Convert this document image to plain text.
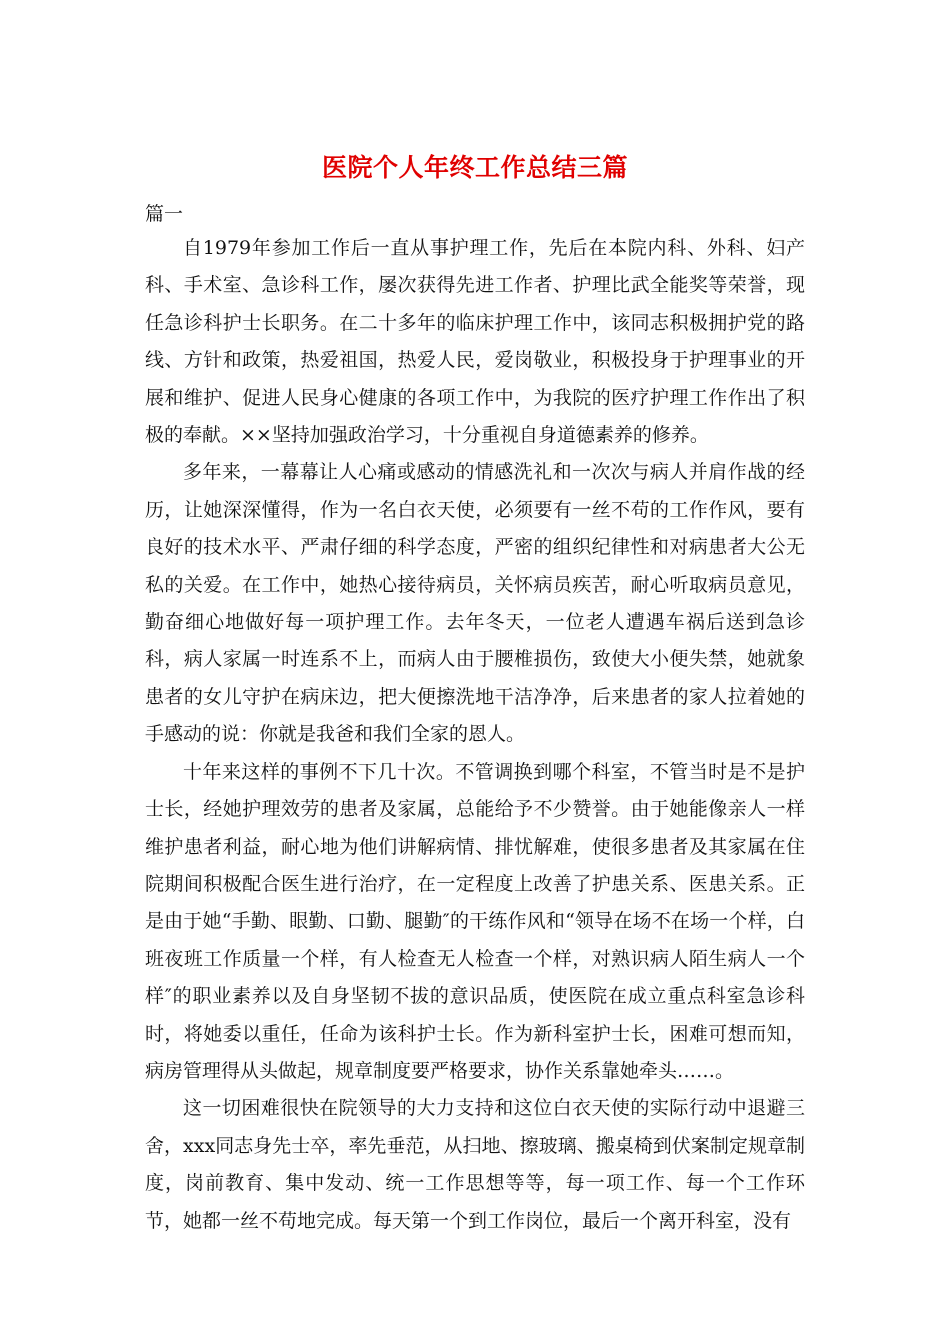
医院个人年终工作总结三篇
篇一

自1979年参加工作后一直从事护理工作，先后在本院内科、外科、妇产科、手术室、急诊科工作，屡次获得先进工作者、护理比武全能奖等荣誉，现任急诊科护士长职务。在二十多年的临床护理工作中，该同志积极拥护党的路线、方针和政策，热爱祖国，热爱人民，爱岗敬业，积极投身于护理事业的开展和维护、促进人民身心健康的各项工作中，为我院的医疗护理工作作出了积极的奉献。××坚持加强政治学习，十分重视自身道德素养的修养。

多年来，一幕幕让人心痛或感动的情感洗礼和一次次与病人并肩作战的经历，让她深深懂得，作为一名白衣天使，必须要有一丝不苟的工作作风，要有良好的技术水平、严肃仔细的科学态度，严密的组织纪律性和对病患者大公无私的关爱。在工作中，她热心接待病员，关怀病员疾苦，耐心听取病员意见，勤奋细心地做好每一项护理工作。去年冬天，一位老人遭遇车祸后送到急诊科，病人家属一时连系不上，而病人由于腰椎损伤，致使大小便失禁，她就象患者的女儿守护在病床边，把大便擦洗地干洁净净，后来患者的家人拉着她的手感动的说：你就是我爸和我们全家的恩人。

十年来这样的事例不下几十次。不管调换到哪个科室，不管当时是不是护士长，经她护理效劳的患者及家属，总能给予不少赞誉。由于她能像亲人一样维护患者利益，耐心地为他们讲解病情、排忧解难，使很多患者及其家属在住院期间积极配合医生进行治疗，在一定程度上改善了护患关系、医患关系。正是由于她“手勤、眼勤、口勤、腿勤″的干练作风和“领导在场不在场一个样，白班夜班工作质量一个样，有人检查无人检查一个样，对熟识病人陌生病人一个样″的职业素养以及自身坚韧不拔的意识品质，使医院在成立重点科室急诊科时，将她委以重任，任命为该科护士长。作为新科室护士长，困难可想而知，病房管理得从头做起，规章制度要严格要求，协作关系靠她牵头……。

这一切困难很快在院领导的大力支持和这位白衣天使的实际行动中退避三舍，xxx同志身先士卒，率先垂范，从扫地、擦玻璃、搬桌椅到伏案制定规章制度，岗前教育、集中发动、统一工作思想等等，每一项工作、每一个工作环节，她都一丝不苟地完成。每天第一个到工作岗位，最后一个离开科室，没有
